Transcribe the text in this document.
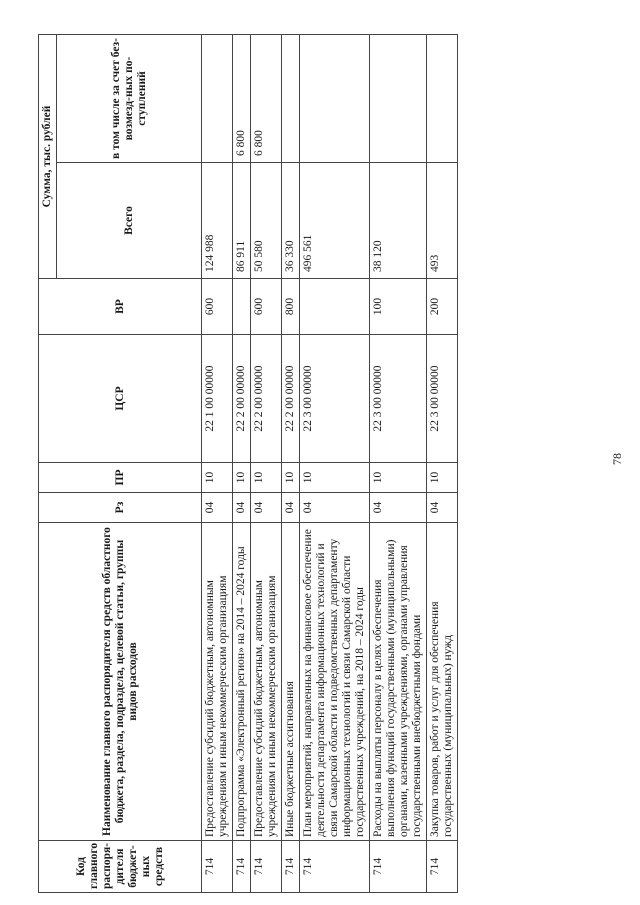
78
Код главного распоря-дителя бюджет-ных средств	Наименование главного распорядителя средств областного бюджета, раздела, подраздела, целевой статьи, группы видов расходов	Рз	ПР	ЦСР	ВР	Сумма, тыс. рублей	
						Всего	в том числе за счет без-возмезд-ных по-ступлений
714	Предоставление субсидий бюджетным, автономным учреждениям и иным некоммерческим организациям	04	10	22 1 00 00000	600	124 988	
714	Подпрограмма «Электронный регион» на 2014 – 2024 годы	04	10	22 2 00 00000		86 911	6 800
714	Предоставление субсидий бюджетным, автономным учреждениям и иным некоммерческим организациям	04	10	22 2 00 00000	600	50 580	6 800
714	Иные бюджетные ассигнования	04	10	22 2 00 00000	800	36 330	
714	План мероприятий, направленных на финансовое обеспечение деятельности департамента информационных технологий и связи Самарской области и подведомственных департаменту информационных технологий и связи Самарской области государственных учреждений, на 2018 – 2024 годы	04	10	22 3 00 00000		496 561	
714	Расходы на выплаты персоналу в целях обеспечения выполнения функций государственными (муниципальными) органами, казенными учреждениями, органами управления государственными внебюджетными фондами	04	10	22 3 00 00000	100	38 120	
714	Закупка товаров, работ и услуг для обеспечения государственных (муниципальных) нужд	04	10	22 3 00 00000	200	493	
